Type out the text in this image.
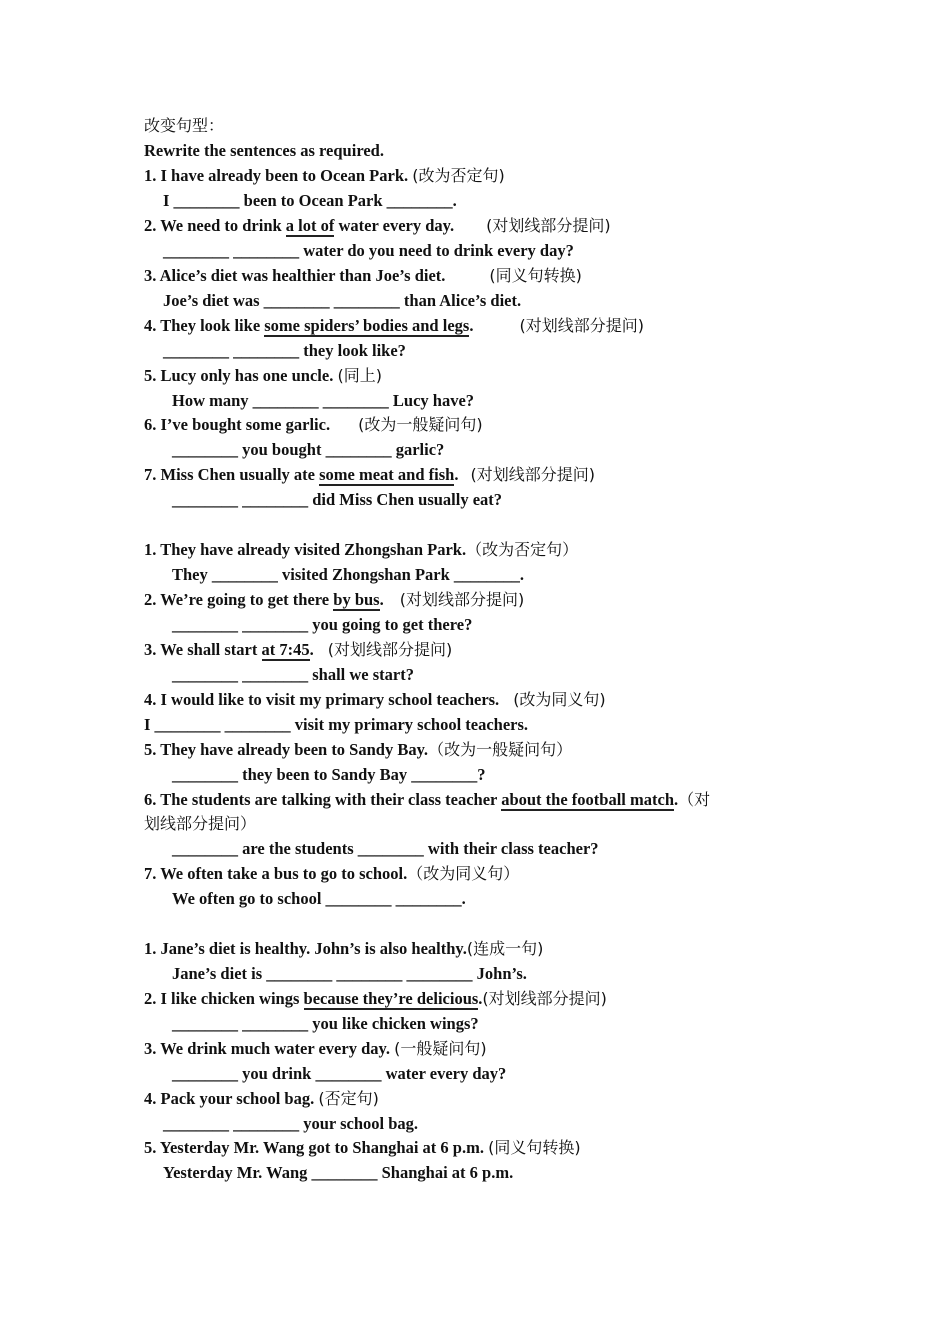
改变句型：
Rewrite the sentences as required.
1. I have already been to Ocean Park. (改为否定句)
I ________ been to Ocean Park ________.
2. We need to drink a lot of water every day. (对划线部分提问)
________ ________ water do you need to drink every day?
3. Alice’s diet was healthier than Joe’s diet.	(同义句转换)
Joe’s diet was ________ ________ than Alice’s diet.
4. They look like some spiders’ bodies and legs.	(对划线部分提问)
________ ________ they look like?
5. Lucy only has one uncle. (同上)
How many ________ ________ Lucy have?
6. I’ve bought some garlic. (改为一般疑问句)
________ you bought ________ garlic?
7. Miss Chen usually ate some meat and fish. (对划线部分提问)
________ ________ did Miss Chen usually eat?
1. They have already visited Zhongshan Park.（改为否定句）
They ________ visited Zhongshan Park ________.
2. We’re going to get there by bus. (对划线部分提问)
________ ________ you going to get there?
3. We shall start at 7:45. (对划线部分提问)
________ ________ shall we start?
4. I would like to visit my primary school teachers. (改为同义句)
I ________ ________ visit my primary school teachers.
5. They have already been to Sandy Bay.（改为一般疑问句）
________ they been to Sandy Bay ________?
6. The students are talking with their class teacher about the football match.（对
划线部分提问）
________ are the students ________ with their class teacher?
7. We often take a bus to go to school.（改为同义句）
We often go to school ________ ________.
1. Jane’s diet is healthy. John’s is also healthy.(连成一句)
Jane’s diet is ________ ________ ________ John’s.
2. I like chicken wings because they’re delicious.(对划线部分提问)
________ ________ you like chicken wings?
3. We drink much water every day. (一般疑问句)
________ you drink ________ water every day?
4. Pack your school bag. (否定句)
________ ________ your school bag.
5. Yesterday Mr. Wang got to Shanghai at 6 p.m. (同义句转换)
Yesterday Mr. Wang ________ Shanghai at 6 p.m.
